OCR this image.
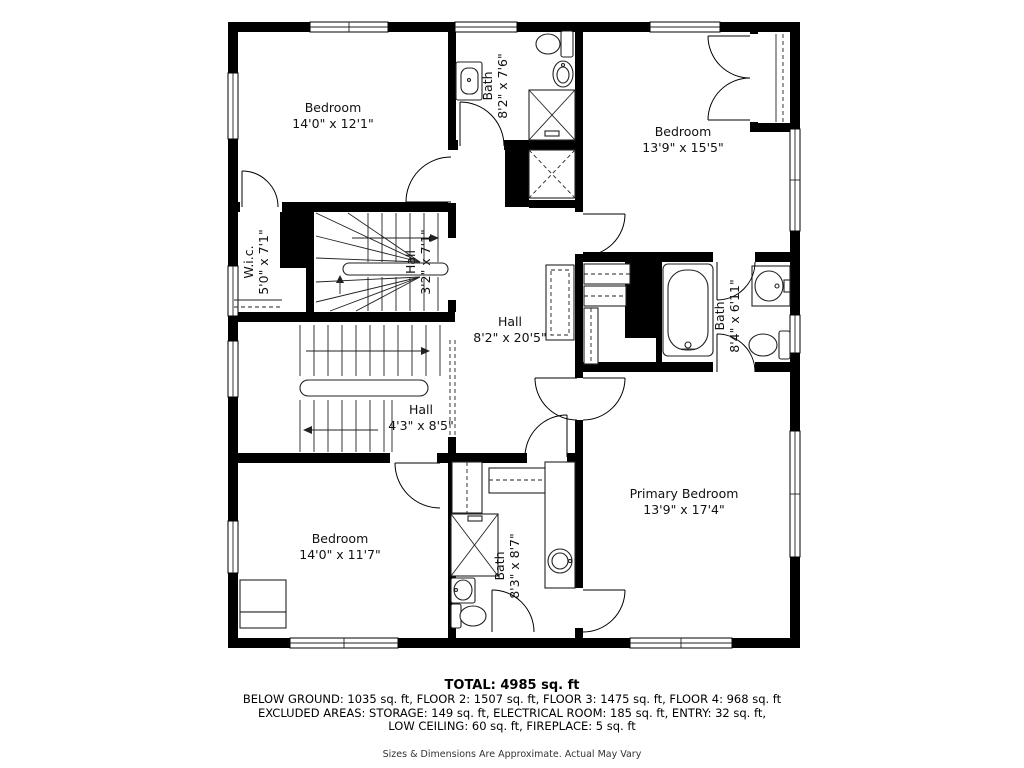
Bedroom
14'0" x 12'1"
Bath 8'2" x 7'6"
Bedroom
13'9" x 15'5"
W.i.c. 5'0" x 7'1"	Hall 3'2" x 7'1"
Hall
8'2" x 20'5"
Bath 8'4" x 6'11"
Hall
4'3" x 8'5"
Bedroom
14'0" x 11'7"	Bath 8'3" x 8'7"
Primary Bedroom
13'9" x 17'4"
TOTAL: 4985 sq. ft
BELOW GROUND: 1035 sq. ft, FLOOR 2: 1507 sq. ft, FLOOR 3: 1475 sq. ft, FLOOR 4: 968 sq. ft
EXCLUDED AREAS: STORAGE: 149 sq. ft, ELECTRICAL ROOM: 185 sq. ft, ENTRY: 32 sq. ft,
LOW CEILING: 60 sq. ft, FIREPLACE: 5 sq. ft
Sizes & Dimensions Are Approximate. Actual May Vary
